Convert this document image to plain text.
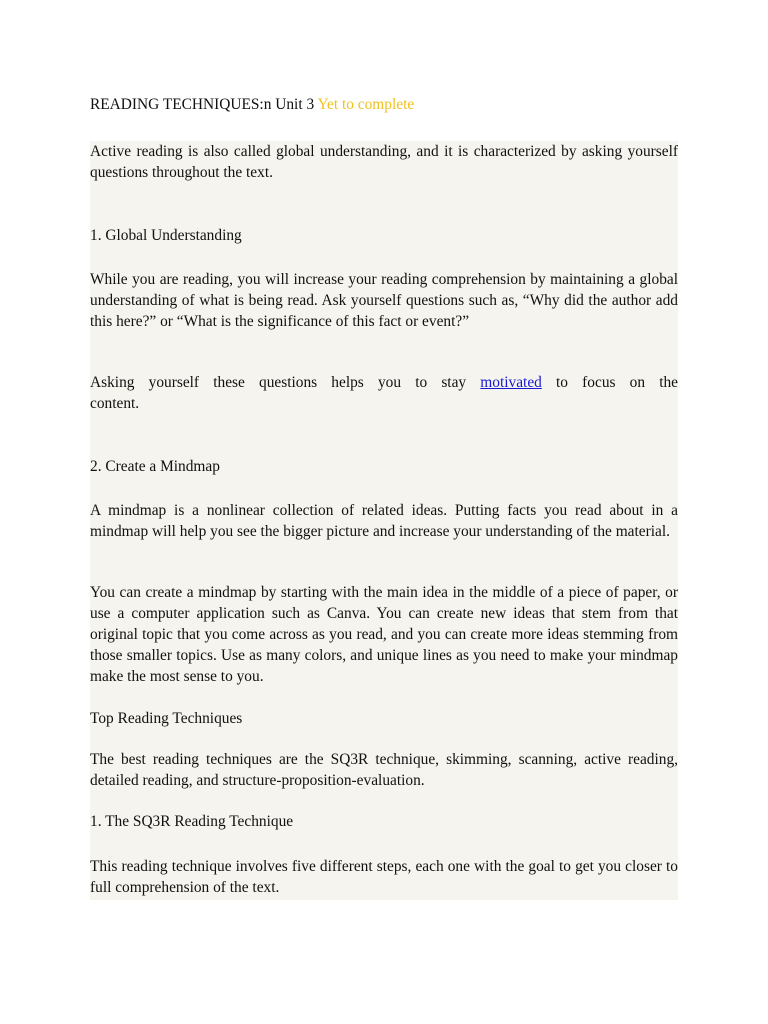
READING TECHNIQUES:n Unit 3 Yet to complete
Active reading is also called global understanding, and it is characterized by asking yourself questions throughout the text.
1. Global Understanding
While you are reading, you will increase your reading comprehension by maintaining a global understanding of what is being read. Ask yourself questions such as, “Why did the author add this here?” or “What is the significance of this fact or event?”
Asking yourself these questions helps you to stay motivated to focus on the
content.
2. Create a Mindmap
A mindmap is a nonlinear collection of related ideas. Putting facts you read about in a mindmap will help you see the bigger picture and increase your understanding of the material.
You can create a mindmap by starting with the main idea in the middle of a piece of paper, or use a computer application such as Canva. You can create new ideas that stem from that original topic that you come across as you read, and you can create more ideas stemming from those smaller topics. Use as many colors, and unique lines as you need to make your mindmap make the most sense to you.
Top Reading Techniques
The best reading techniques are the SQ3R technique, skimming, scanning, active reading, detailed reading, and structure-proposition-evaluation.
1. The SQ3R Reading Technique
This reading technique involves five different steps, each one with the goal to get you closer to full comprehension of the text.
